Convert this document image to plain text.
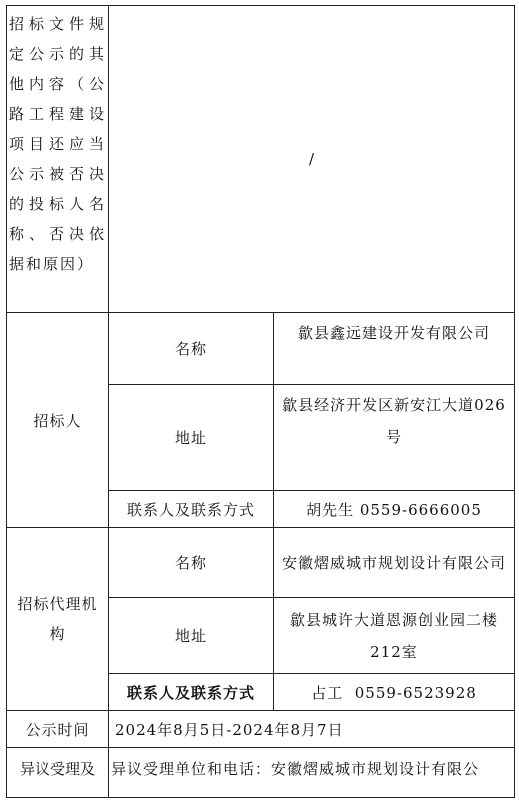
招标文件规定公示的其他内容（公路工程建设项目还应当公示被否决的投标人名称、否决依据和原因）	/	
招标人	名称	歙县鑫远建设开发有限公司
	地址	歙县经济开发区新安江大道026号
	联系人及联系方式	胡先生 0559-6666005
招标代理机构	名称	安徽熠威城市规划设计有限公司
	地址	歙县城许大道恩源创业园二楼212室
	联系人及联系方式	占工  0559-6523928
公示时间	2024年8月5日-2024年8月7日	
异议受理及	异议受理单位和电话：安徽熠威城市规划设计有限公	
